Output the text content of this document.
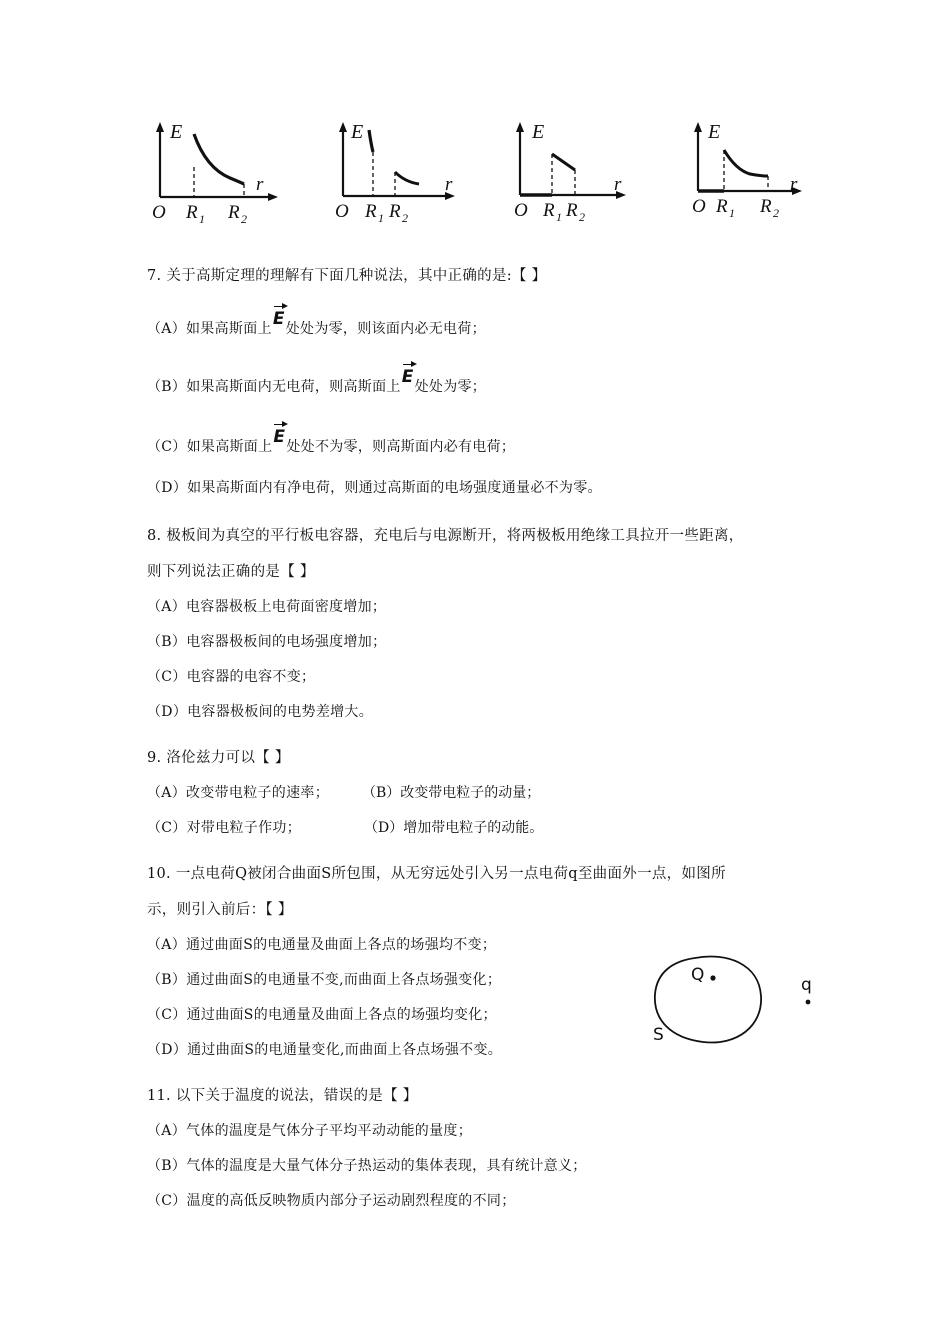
E
r
O R 1 R 2
E
r
O R 1 R 2
E
r
O R 1 R 2
E
r
O R 1 R 2
7. 关于高斯定理的理解有下面几种说法，其中正确的是:【 】
（A）如果高斯面上E处处为零，则该面内必无电荷；
（B）如果高斯面内无电荷，则高斯面上E处处为零；
（C）如果高斯面上E处处不为零，则高斯面内必有电荷；
（D）如果高斯面内有净电荷，则通过高斯面的电场强度通量必不为零。
8. 极板间为真空的平行板电容器，充电后与电源断开，将两极板用绝缘工具拉开一些距离，
则下列说法正确的是【 】
（A）电容器极板上电荷面密度增加；
（B）电容器极板间的电场强度增加；
（C）电容器的电容不变；
（D）电容器极板间的电势差增大。
9. 洛伦兹力可以【 】
（A）改变带电粒子的速率； （B）改变带电粒子的动量；
（C）对带电粒子作功；	（D）增加带电粒子的动能。
10. 一点电荷Q被闭合曲面S所包围，从无穷远处引入另一点电荷q至曲面外一点，如图所
示，则引入前后：【 】
（A）通过曲面S的电通量及曲面上各点的场强均不变；
（B）通过曲面S的电通量不变,而曲面上各点场强变化；
（C）通过曲面S的电通量及曲面上各点的场强均变化；
（D）通过曲面S的电通量变化,而曲面上各点场强不变。
Q	q
S
11. 以下关于温度的说法，错误的是【 】
（A）气体的温度是气体分子平均平动动能的量度；
（B）气体的温度是大量气体分子热运动的集体表现，具有统计意义；
（C）温度的高低反映物质内部分子运动剧烈程度的不同；
